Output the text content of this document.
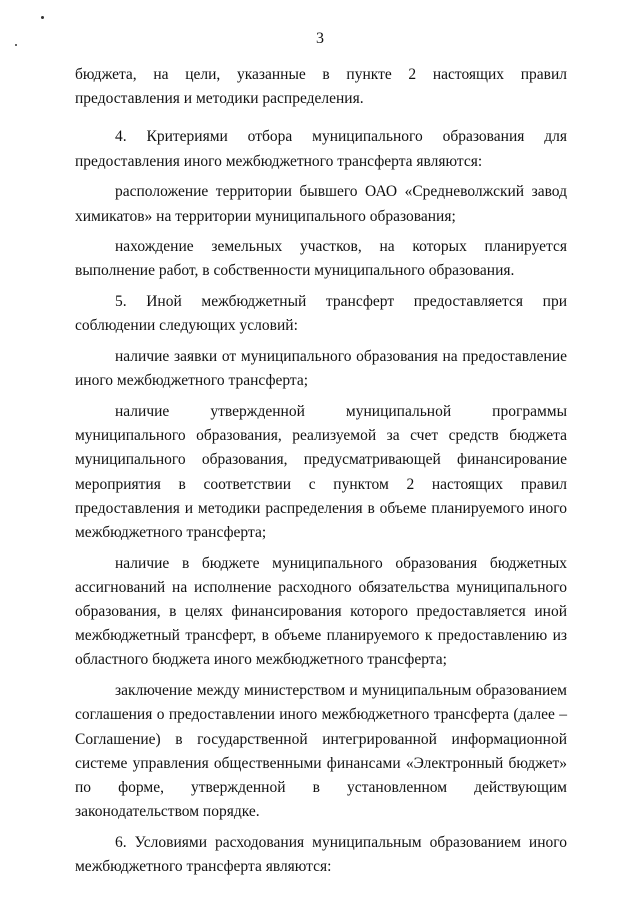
3

бюджета, на цели, указанные в пункте 2 настоящих правил предоставления и методики распределения.

4. Критериями отбора муниципального образования для предоставления иного межбюджетного трансферта являются:

расположение территории бывшего ОАО «Средневолжский завод химикатов» на территории муниципального образования;

нахождение земельных участков, на которых планируется выполнение работ, в собственности муниципального образования.

5. Иной межбюджетный трансферт предоставляется при соблюдении следующих условий:

наличие заявки от муниципального образования на предоставление иного межбюджетного трансферта;

наличие утвержденной муниципальной программы муниципального образования, реализуемой за счет средств бюджета муниципального образования, предусматривающей финансирование мероприятия в соответствии с пунктом 2 настоящих правил предоставления и методики распределения в объеме планируемого иного межбюджетного трансферта;

наличие в бюджете муниципального образования бюджетных ассигнований на исполнение расходного обязательства муниципального образования, в целях финансирования которого предоставляется иной межбюджетный трансферт, в объеме планируемого к предоставлению из областного бюджета иного межбюджетного трансферта;

заключение между министерством и муниципальным образованием соглашения о предоставлении иного межбюджетного трансферта (далее – Соглашение) в государственной интегрированной информационной системе управления общественными финансами «Электронный бюджет» по форме, утвержденной в установленном действующим законодательством порядке.

6. Условиями расходования муниципальным образованием иного межбюджетного трансферта являются:
